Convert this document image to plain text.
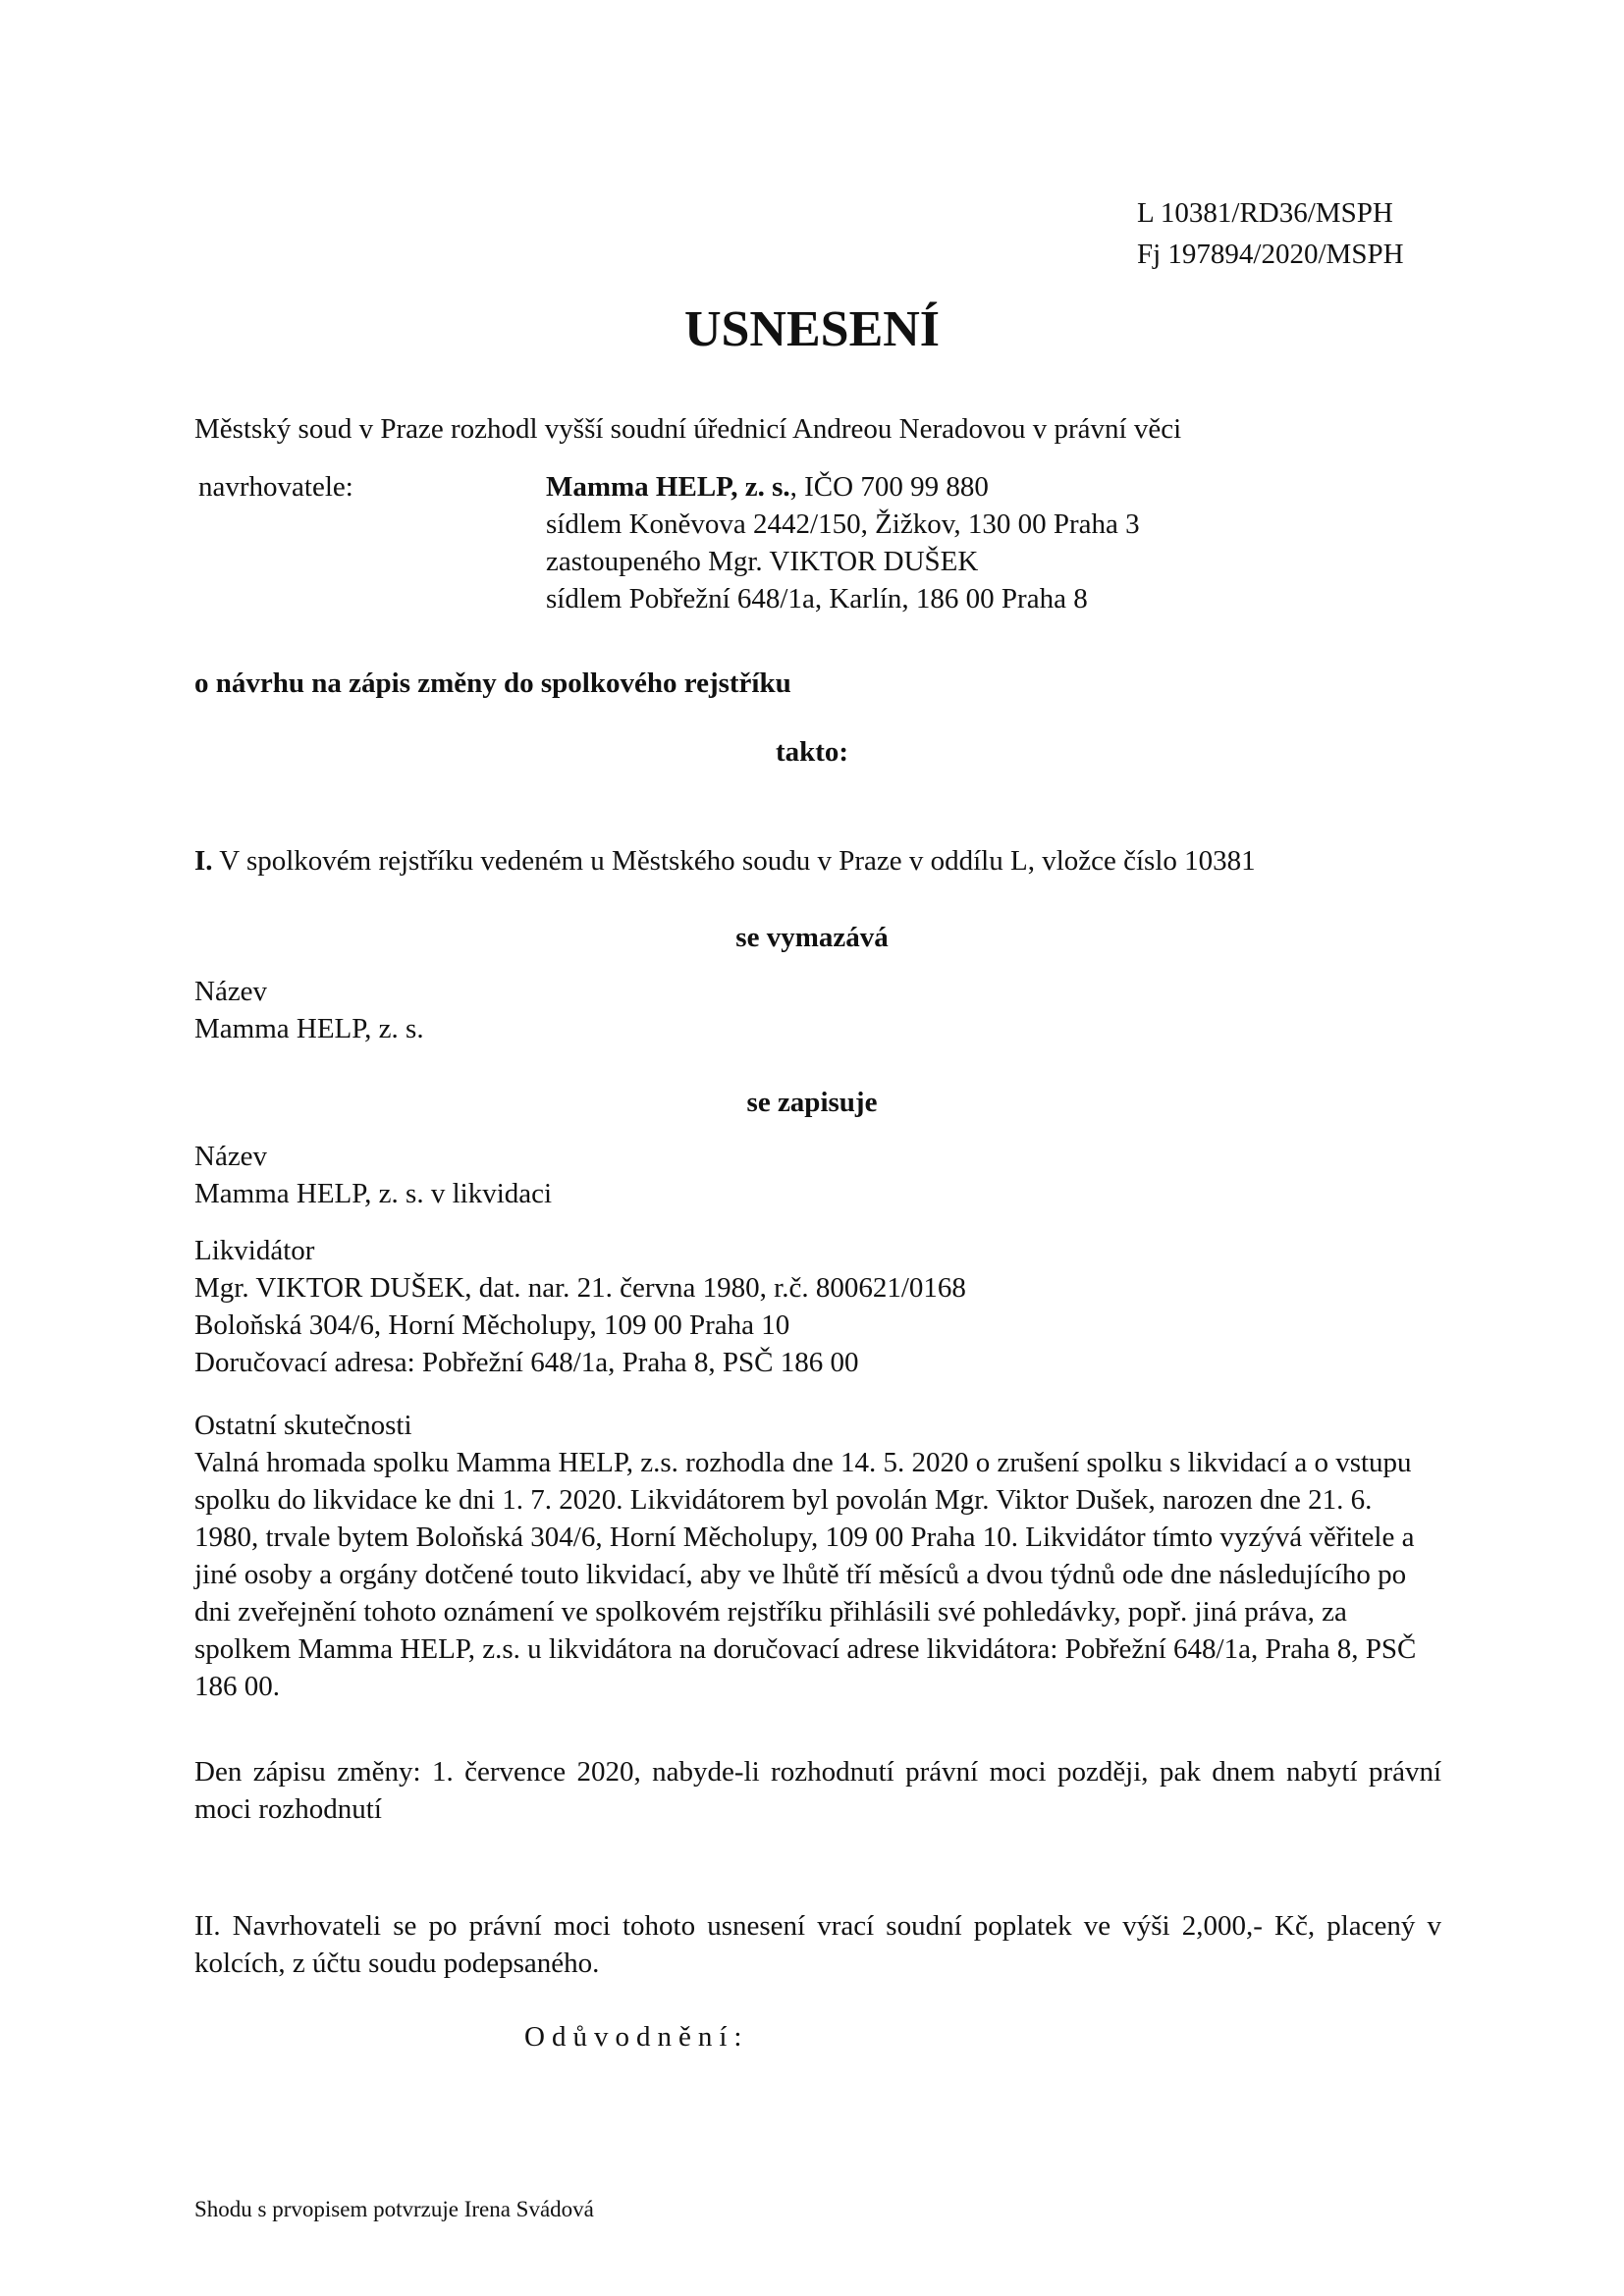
L 10381/RD36/MSPH
Fj 197894/2020/MSPH
USNESENÍ

Městský soud v Praze rozhodl vyšší soudní úřednicí Andreou Neradovou v právní věci

navrhovatele:	Mamma HELP, z. s., IČO 700 99 880
sídlem Koněvova 2442/150, Žižkov, 130 00 Praha 3
zastoupeného Mgr. VIKTOR DUŠEK
sídlem Pobřežní 648/1a, Karlín, 186 00 Praha 8
o návrhu na zápis změny do spolkového rejstříku
takto:
I. V spolkovém rejstříku vedeném u Městského soudu v Praze v oddílu L, vložce číslo 10381
se vymazává
Název
Mamma HELP, z. s.
se zapisuje
Název
Mamma HELP, z. s. v likvidaci
Likvidátor
Mgr. VIKTOR DUŠEK, dat. nar. 21. června 1980, r.č. 800621/0168
Boloňská 304/6, Horní Měcholupy, 109 00 Praha 10
Doručovací adresa: Pobřežní 648/1a, Praha 8, PSČ 186 00
Ostatní skutečnosti

Valná hromada spolku Mamma HELP, z.s. rozhodla dne 14. 5. 2020 o zrušení spolku s likvidací a o vstupu spolku do likvidace ke dni 1. 7. 2020. Likvidátorem byl povolán Mgr. Viktor Dušek, narozen dne 21. 6. 1980, trvale bytem Boloňská 304/6, Horní Měcholupy, 109 00 Praha 10. Likvidátor tímto vyzývá věřitele a jiné osoby a orgány dotčené touto likvidací, aby ve lhůtě tří měsíců a dvou týdnů ode dne následujícího po dni zveřejnění tohoto oznámení ve spolkovém rejstříku přihlásili své pohledávky, popř. jiná práva, za spolkem Mamma HELP, z.s. u likvidátora na doručovací adrese likvidátora: Pobřežní 648/1a, Praha 8, PSČ 186 00.

Den zápisu změny: 1. července 2020, nabyde-li rozhodnutí právní moci později, pak dnem nabytí právní moci rozhodnutí

II. Navrhovateli se po právní moci tohoto usnesení vrací soudní poplatek ve výši 2,000,- Kč, placený v kolcích, z účtu soudu podepsaného.

Odůvodnění:
Shodu s prvopisem potvrzuje Irena Svádová
